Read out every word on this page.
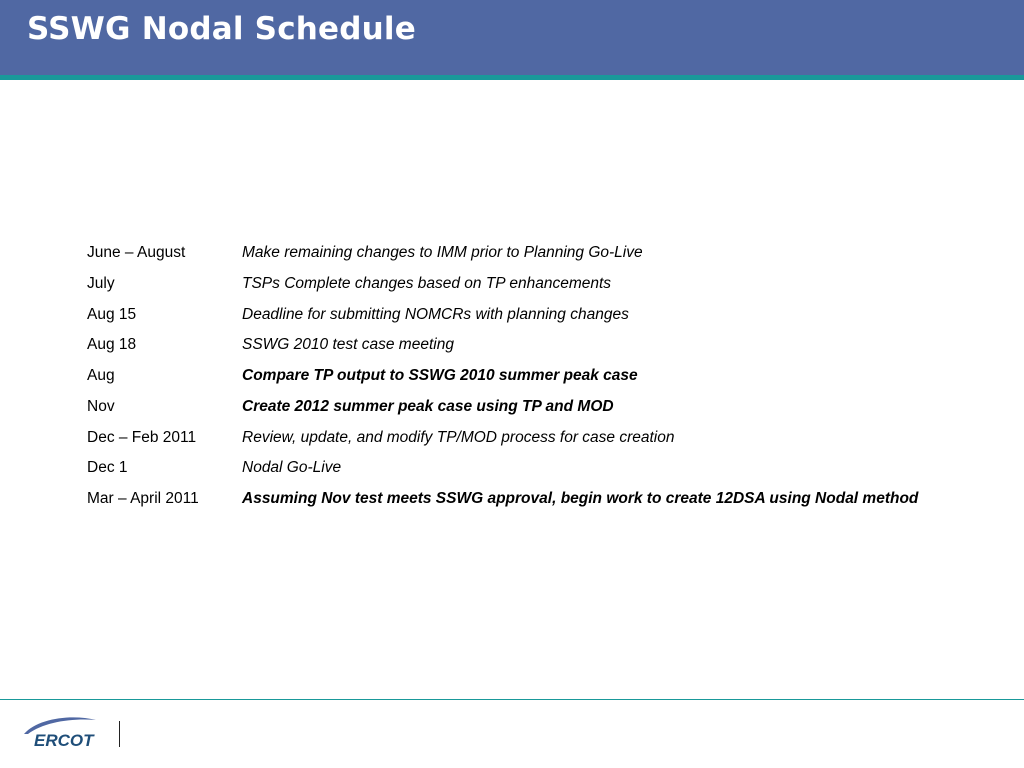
SSWG Nodal Schedule
June – August	Make remaining changes to IMM prior to Planning Go-Live
July	TSPs Complete changes based on TP enhancements
Aug 15	Deadline for submitting NOMCRs with planning changes
Aug 18	SSWG 2010 test case meeting
Aug	Compare TP output to SSWG 2010 summer peak case
Nov	Create 2012 summer peak case using TP and MOD
Dec – Feb 2011	Review, update, and modify TP/MOD process for case creation
Dec 1	Nodal Go-Live
Mar – April 2011	Assuming Nov test meets SSWG approval, begin work to create 12DSA using Nodal method
ERCOT
